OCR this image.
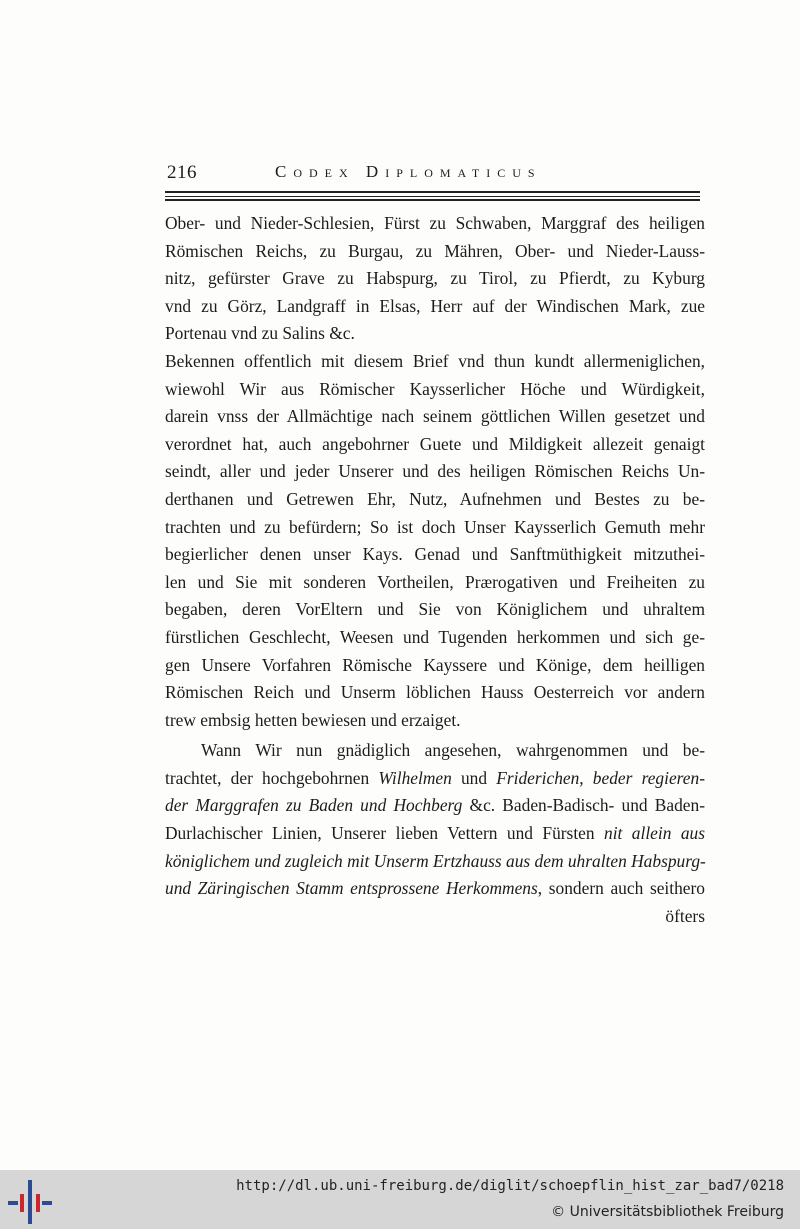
216	Codex Diplomaticus
Ober- und Nieder-Schlesien, Fürst zu Schwaben, Marggraf des heiligen
Römischen Reichs, zu Burgau, zu Mähren, Ober- und Nieder-Lauss-
nitz, gefürster Grave zu Habspurg, zu Tirol, zu Pfierdt, zu Kyburg
vnd zu Görz, Landgraff in Elsas, Herr auf der Windischen Mark, zue
Portenau vnd zu Salins &c.
Bekennen offentlich mit diesem Brief vnd thun kundt allermeniglichen,
wiewohl Wir aus Römischer Kaysserlicher Höche und Würdigkeit,
darein vnss der Allmächtige nach seinem göttlichen Willen gesetzet und
verordnet hat, auch angebohrner Guete und Mildigkeit allezeit genaigt
seindt, aller und jeder Unserer und des heiligen Römischen Reichs Un-
derthanen und Getrewen Ehr, Nutz, Aufnehmen und Bestes zu be-
trachten und zu befürdern; So ist doch Unser Kaysserlich Gemuth mehr
begierlicher denen unser Kays. Genad und Sanftmüthigkeit mitzuthei-
len und Sie mit sonderen Vortheilen, Prærogativen und Freiheiten zu
begaben, deren VorEltern und Sie von Königlichem und uhraltem
fürstlichen Geschlecht, Weesen und Tugenden herkommen und sich ge-
gen Unsere Vorfahren Römische Kayssere und Könige, dem heilligen
Römischen Reich und Unserm löblichen Hauss Oesterreich vor andern
trew embsig hetten bewiesen und erzaiget.
Wann Wir nun gnädiglich angesehen, wahrgenommen und be-
trachtet, der hochgebohrnen Wilhelmen und Friderichen, beder regieren-
der Marggrafen zu Baden und Hochberg &c. Baden-Badisch- und Baden-
Durlachischer Linien, Unserer lieben Vettern und Fürsten nit allein aus
königlichem und zugleich mit Unserm Ertzhauss aus dem uhralten Habspurg-
und Zäringischen Stamm entsprossene Herkommens, sondern auch seithero
öfters
http://dl.ub.uni-freiburg.de/diglit/schoepflin_hist_zar_bad7/0218
© Universitätsbibliothek Freiburg
